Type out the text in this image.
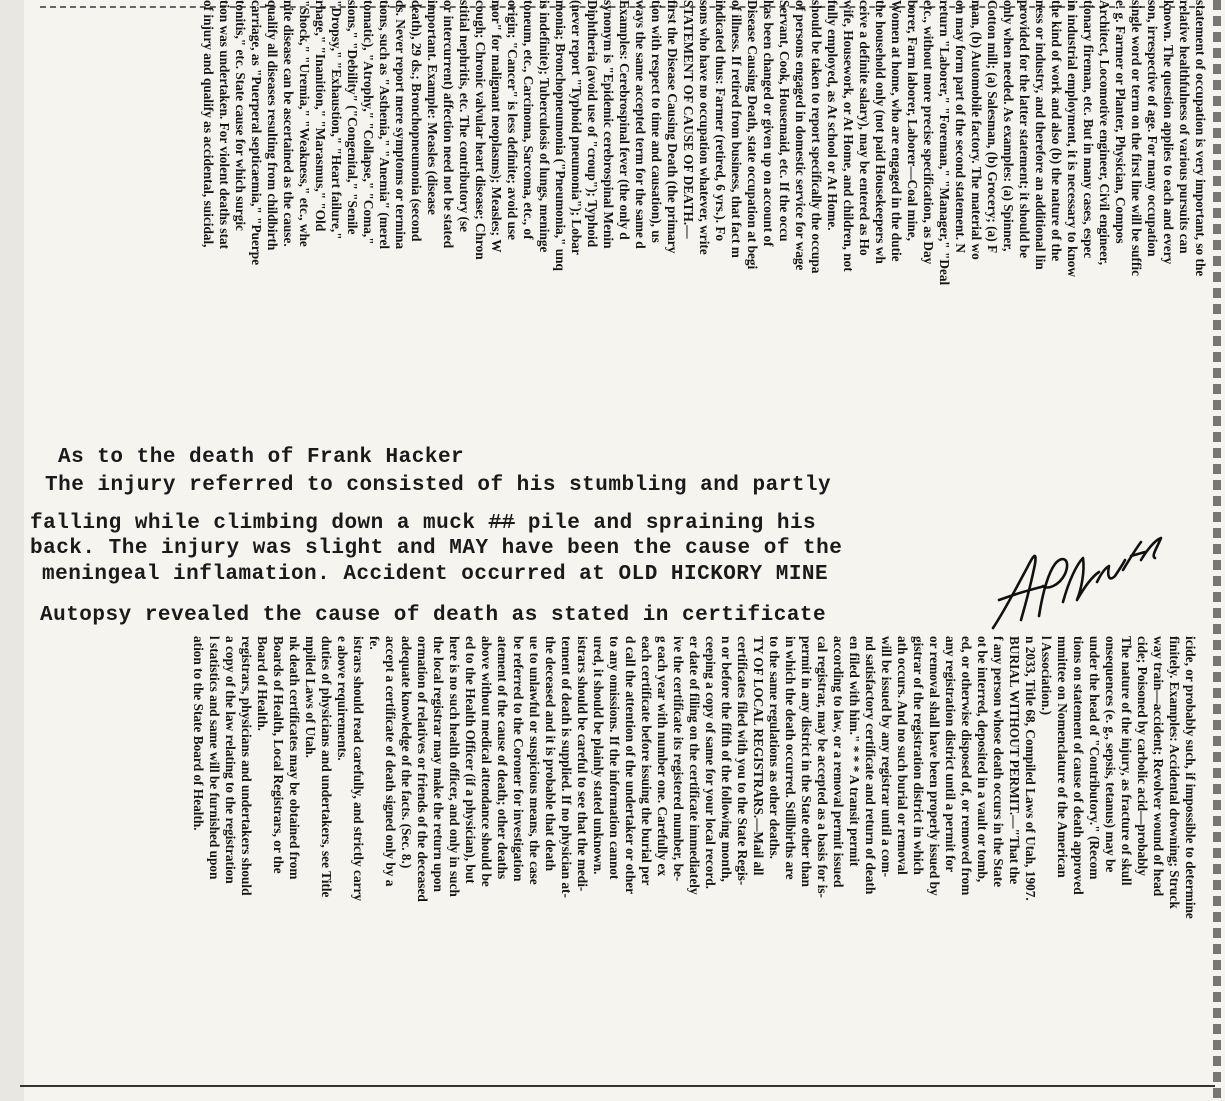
statement of occupation is very important, so the
relative healthfulness of various pursuits can
known. The question applies to each and every
son, irrespective of age. For many occupation
single word or term on the first line will be suffic
e. g. Farmer or Planter, Physician, Compos
Architect, Locomotive engineer, Civil engineer,
tionary fireman, etc. But in many cases, espec
in industrial employment, it is necessary to know
the kind of work and also (b) the nature of the
ness or industry, and therefore an additional lin
provided for the latter statement; it should be
only when needed. As examples: (a) Spinner,
Cotton mill; (a) Salesman, (b) Grocery; (a) F
man, (b) Automobile factory. The material wo
on may form part of the second statement. N
return "Laborer," "Foreman," "Manager," "Deal
etc., without more precise specification, as Day
borer, Farm laborer, Laborer—Coal mine,
Women at home, who are engaged in the dutie
the household only (not paid Housekeepers wh
ceive a definite salary), may be entered as Ho
wife, Housework, or At Home, and children, not
fully employed, as At school or At Home.
should be taken to report specifically the occupa
of persons engaged in domestic service for wage
Servant, Cook, Housemaid, etc. If the occu
has been changed or given up on account of
Disease Causing Death, state occupation at begi
of illness. If retired from business, that fact m
indicated thus: Farmer (retired, 6 yrs.). Fo
sons who have no occupation whatever, write
STATEMENT OF CAUSE OF DEATH.—
first the Disease Causing Death (the primary
tion with respect to time and causation), us
ways the same accepted term for the same d
Examples: Cerebrospinal fever (the only d
synonym is "Epidemic cerebrospinal Menin
Diphtheria (avoid use of "croup"); Typhoid
(never report "Typhoid pneumonia"); Lobar
monia; Bronchopneumonia ("Pneumonia," unq
is indefinite); Tuberculosis of lungs, meninge
toneum, etc., Carcinoma, Sarcoma, etc., of
origin; "Cancer" is less definite; avoid use
mor" for malignant neoplasms); Measles; W
cough; Chronic valvular heart disease; Chron
stitial nephritis, etc. The contributory (se
or intercurrent) affection need not be stated
important. Example: Measles (disease
death), 29 ds.; Bronchopneumonia (second
ds. Never report mere symptoms or termina
tions, such as "Asthenia," "Anemia" (merel
tomatic), "Atrophy," "Collapse," "Coma,"
sions," "Debility" ("Congenital," "Senile
"Dropsy," "Exhaustion," "Heart failure,"
rhage," "Inanition," "Marasmus," "Old
"Shock," "Uremia," "Weakness," etc., whe
nite disease can be ascertained as the cause.
qualify all diseases resulting from childbirth
carriage, as "Puerperal septicaemia," "Puerpe
tonitis," etc. State cause for which surgic
tion was undertaken. For violent deaths stat
of injury and qualify as accidental, suicidal,
icide, or probably such, if impossible to determine
finitely. Examples: Accidental drowning; Struck
way train—accident; Revolver wound of head
cide; Poisoned by carbolic acid—probably
The nature of the injury, as fracture of skull
onsequences (e. g., sepsis, tetanus) may be
under the head of "Contributory." (Recom
tions on statement of cause of death approved
mmittee on Nomenclature of the American
l Association.)
n 2033, Title 68, Compiled Laws of Utah, 1907.
BURIAL WITHOUT PERMIT.—"That the
f any person whose death occurs in the State
ot be interred, deposited in a vault or tomb,
ed, or otherwise disposed of, or removed from
any registration district until a permit for
or removal shall have been properly issued by
gistrar of the registration district in which
ath occurs. And no such burial or removal
will be issued by any registrar until a com-
nd satisfactory certificate and return of death
en filed with him." * * * A transit permit
according to law, or a removal permit issued
cal registrar, may be accepted as a basis for is-
permit in any district in the State other than
in which the death occurred. Stillbirths are
to the same regulations as other deaths.
TY OF LOCAL REGISTRARS.—Mail all
certificates filed with you to the State Regis-
n or before the fifth of the following month,
ceeping a copy of same for your local record.
er date of filing on the certificate immediately
ive the certificate its registered number, be-
g each year with number one. Carefully ex
each certificate before issuing the burial per
d call the attention of the undertaker or other
to any omissions. If the information cannot
ured, it should be plainly stated unknown.
istrars should be careful to see that the medi-
tement of death is supplied. If no physician at-
the deceased and it is probable that death
ue to unlawful or suspicious means, the case
be referred to the Coroner for investigation
atement of the cause of death; other deaths
above without medical attendance should be
ed to the Health Officer (if a physician), but
here is no such health officer, and only in such
the local registrar may make the return upon
ormation of relatives or friends of the deceased
adequate knowledge of the facts. (Sec. 8.)
accept a certificate of death signed only by a
fe.
istrars should read carefully, and strictly carry
e above requirements.
duties of physicians and undertakers, see Title
mpiled Laws of Utah.
nk death certificates may be obtained from
Boards of Health, Local Registrars, or the
Board of Health.
registrars, physicians and undertakers should
a copy of the law relating to the registration
l statistics and same will be furnished upon
ation to the State Board of Health.
As to the death of Frank Hacker
The injury referred to consisted of his stumbling and partly
falling while climbing down a muck ## pile and spraining his
back. The injury was slight and MAY have been the cause of the
meningeal inflamation. Accident occurred at OLD HICKORY MINE
Autopsy revealed the cause of death as stated in certificate
